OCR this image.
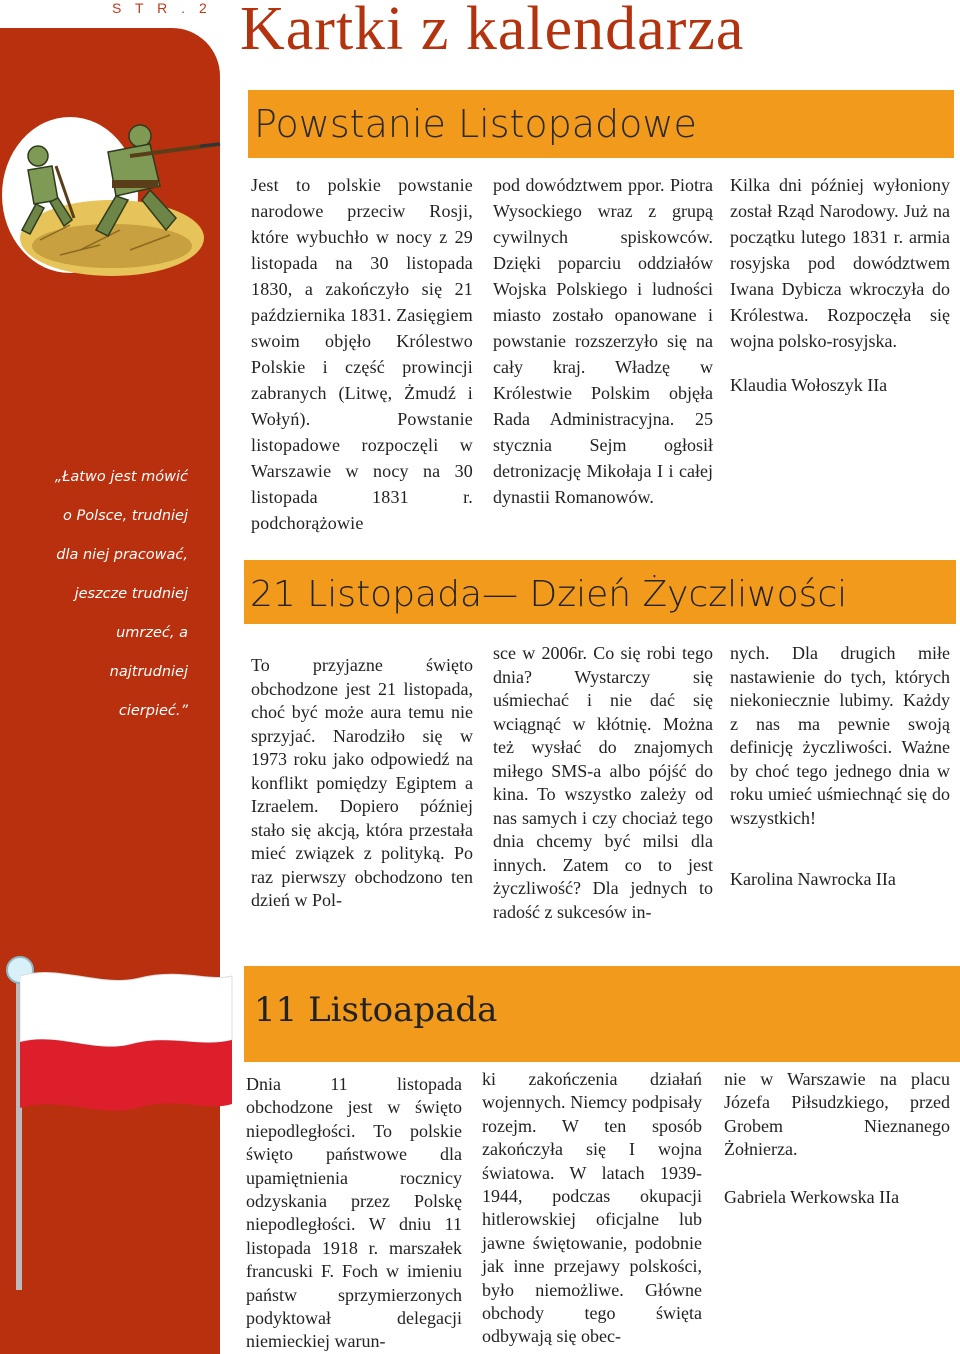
S T R . 2 Kartki z kalendarza
„Łatwo jest mówić
o Polsce, trudniej
dla niej pracować,
jeszcze trudniej
umrzeć, a
najtrudniej
cierpieć.”
Powstanie Listopadowe

Jest to polskie powstanie narodowe przeciw Rosji, które wybuchło w nocy z 29 listopada na 30 listopada 1830, a zakończyło się 21 października 1831. Zasięgiem swoim objęło Królestwo Polskie i część prowincji zabranych (Litwę, Żmudź i Wołyń). Powstanie listopadowe rozpoczęli w Warszawie w nocy na 30 listopada 1831 r. podchorążowie

pod dowództwem ppor. Piotra Wysockiego wraz z grupą cywilnych spiskowców. Dzięki poparciu oddziałów Wojska Polskiego i ludności miasto zostało opanowane i powstanie rozszerzyło się na cały kraj. Władzę w Królestwie Polskim objęła Rada Administracyjna. 25 stycznia Sejm ogłosił detronizację Mikołaja I i całej dynastii Romanowów.

Kilka dni później wyłoniony został Rząd Narodowy. Już na początku lutego 1831 r. armia rosyjska pod dowództwem Iwana Dybicza wkroczyła do Królestwa. Rozpoczęła się wojna polsko-rosyjska.

Klaudia Wołoszyk IIa

21 Listopada— Dzień Życzliwości

To przyjazne święto obchodzone jest 21 listopada, choć być może aura temu nie sprzyjać. Narodziło się w 1973 roku jako odpowiedź na konflikt pomiędzy Egiptem a Izraelem. Dopiero później stało się akcją, która przestała mieć związek z polityką. Po raz pierwszy obchodzono ten dzień w Pol-

sce w 2006r. Co się robi tego dnia? Wystarczy się uśmiechać i nie dać się wciągnąć w kłótnię. Można też wysłać do znajomych miłego SMS-a albo pójść do kina. To wszystko zależy od nas samych i czy chociaż tego dnia chcemy być milsi dla innych. Zatem co to jest życzliwość? Dla jednych to radość z sukcesów in-

nych. Dla drugich miłe nastawienie do tych, których niekoniecznie lubimy. Każdy z nas ma pewnie swoją definicję życzliwości. Ważne by choć tego jednego dnia w roku umieć uśmiechnąć się do wszystkich!

Karolina Nawrocka IIa

11 Listoapada

Dnia 11 listopada obchodzone jest w święto niepodległości. To polskie święto państwowe dla upamiętnienia rocznicy odzyskania przez Polskę niepodległości. W dniu 11 listopada 1918 r. marszałek francuski F. Foch w imieniu państw sprzymierzonych podyktował delegacji niemieckiej warun-

ki zakończenia działań wojennych. Niemcy podpisały rozejm. W ten sposób zakończyła się I wojna światowa. W latach 1939-1944, podczas okupacji hitlerowskiej oficjalne lub jawne świętowanie, podobnie jak inne przejawy polskości, było niemożliwe. Główne obchody tego święta odbywają się obec-

nie w Warszawie na placu Józefa Piłsudzkiego, przed Grobem Nieznanego Żołnierza.

Gabriela Werkowska IIa
